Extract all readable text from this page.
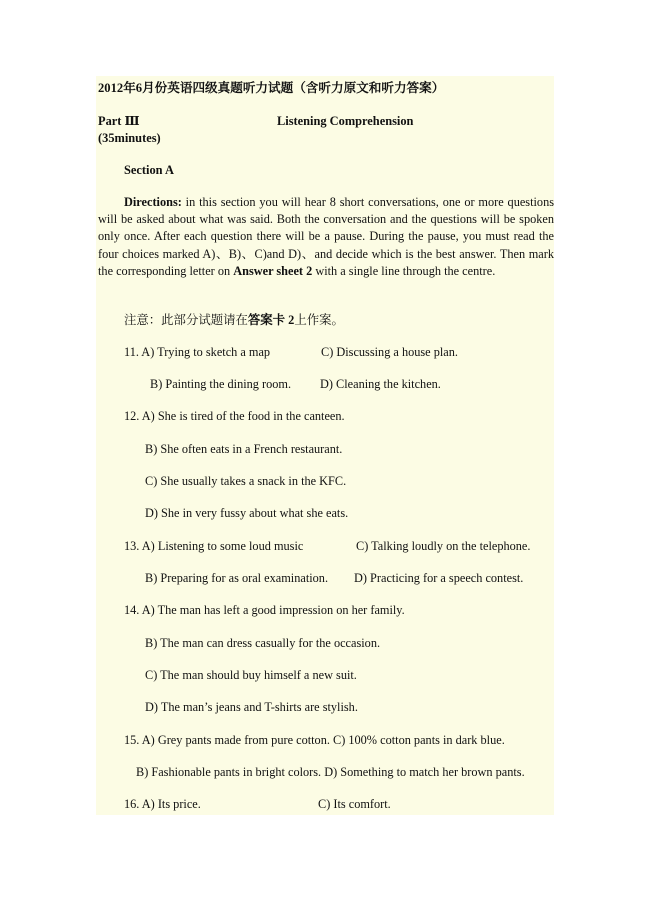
2012年6月份英语四级真题听力试题（含听力原文和听力答案）
Part Ⅲ	Listening Comprehension
(35minutes)
Section A
Directions: in this section you will hear 8 short conversations, one or more questions will be asked about what was said. Both the conversation and the questions will be spoken only once. After each question there will be a pause. During the pause, you must read the four choices marked A)、B)、C)and D)、and decide which is the best answer. Then mark the corresponding letter on Answer sheet 2 with a single line through the centre.
注意：此部分试题请在答案卡 2上作案。
11. A) Trying to sketch a map	C) Discussing a house plan.
B) Painting the dining room. D) Cleaning the kitchen.
12. A) She is tired of the food in the canteen.
B) She often eats in a French restaurant.
C) She usually takes a snack in the KFC.
D) She in very fussy about what she eats.
13. A) Listening to some loud music	C) Talking loudly on the telephone.
B) Preparing for as oral examination. D) Practicing for a speech contest.
14. A) The man has left a good impression on her family.
B) The man can dress casually for the occasion.
C) The man should buy himself a new suit.
D) The man’s jeans and T-shirts are stylish.
15. A) Grey pants made from pure cotton. C) 100% cotton pants in dark blue.
B) Fashionable pants in bright colors. D) Something to match her brown pants.
16. A) Its price.	C) Its comfort.
